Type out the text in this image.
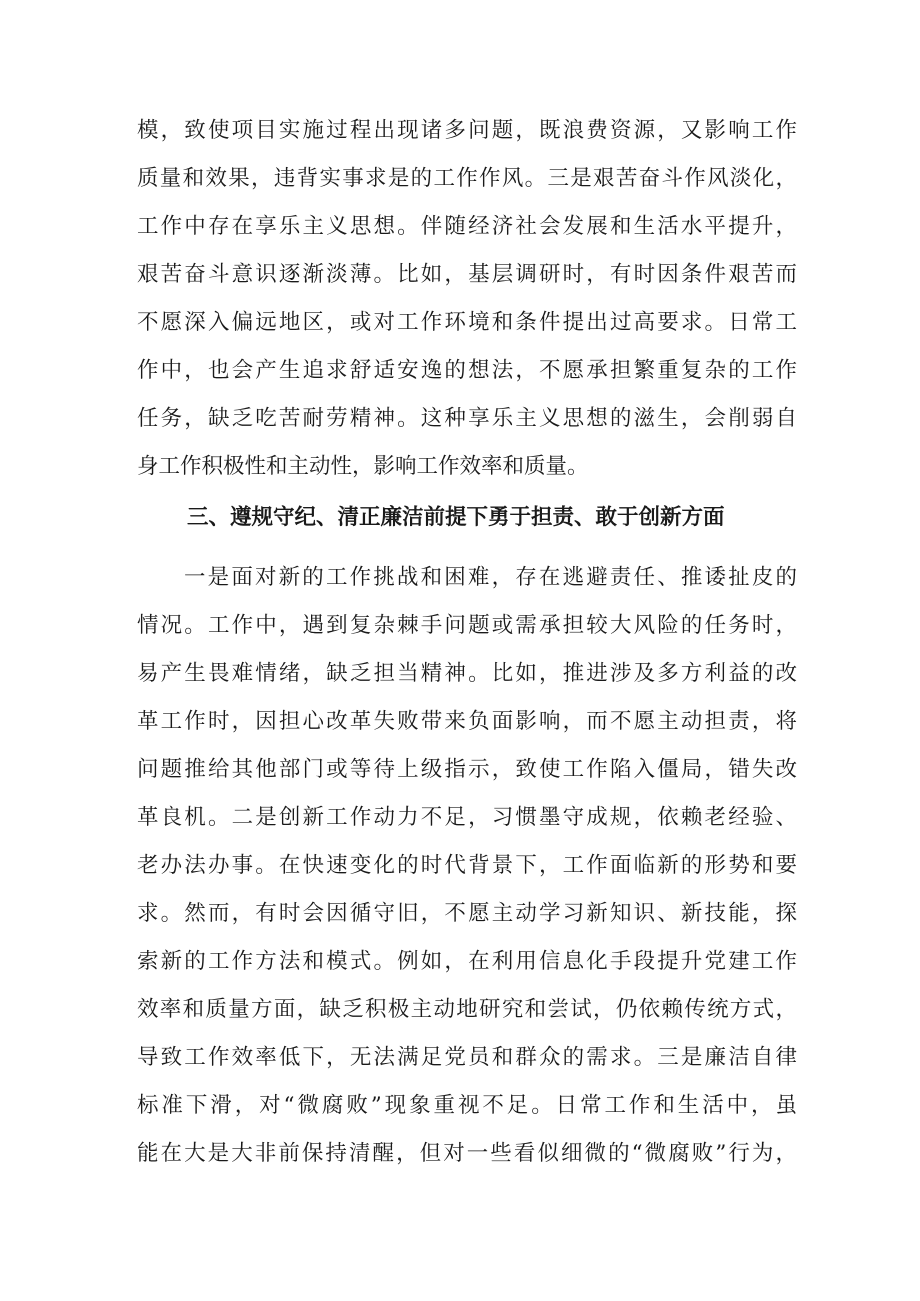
模，致使项目实施过程出现诸多问题，既浪费资源，又影响工作
质量和效果，违背实事求是的工作作风。三是艰苦奋斗作风淡化，
工作中存在享乐主义思想。伴随经济社会发展和生活水平提升，
艰苦奋斗意识逐渐淡薄。比如，基层调研时，有时因条件艰苦而
不愿深入偏远地区，或对工作环境和条件提出过高要求。日常工
作中，也会产生追求舒适安逸的想法，不愿承担繁重复杂的工作
任务，缺乏吃苦耐劳精神。这种享乐主义思想的滋生，会削弱自
身工作积极性和主动性，影响工作效率和质量。
三、遵规守纪、清正廉洁前提下勇于担责、敢于创新方面
一是面对新的工作挑战和困难，存在逃避责任、推诿扯皮的
情况。工作中，遇到复杂棘手问题或需承担较大风险的任务时，
易产生畏难情绪，缺乏担当精神。比如，推进涉及多方利益的改
革工作时，因担心改革失败带来负面影响，而不愿主动担责，将
问题推给其他部门或等待上级指示，致使工作陷入僵局，错失改
革良机。二是创新工作动力不足，习惯墨守成规，依赖老经验、
老办法办事。在快速变化的时代背景下，工作面临新的形势和要
求。然而，有时会因循守旧，不愿主动学习新知识、新技能，探
索新的工作方法和模式。例如，在利用信息化手段提升党建工作
效率和质量方面，缺乏积极主动地研究和尝试，仍依赖传统方式，
导致工作效率低下，无法满足党员和群众的需求。三是廉洁自律
标准下滑，对“微腐败”现象重视不足。日常工作和生活中，虽
能在大是大非前保持清醒，但对一些看似细微的“微腐败”行为，
